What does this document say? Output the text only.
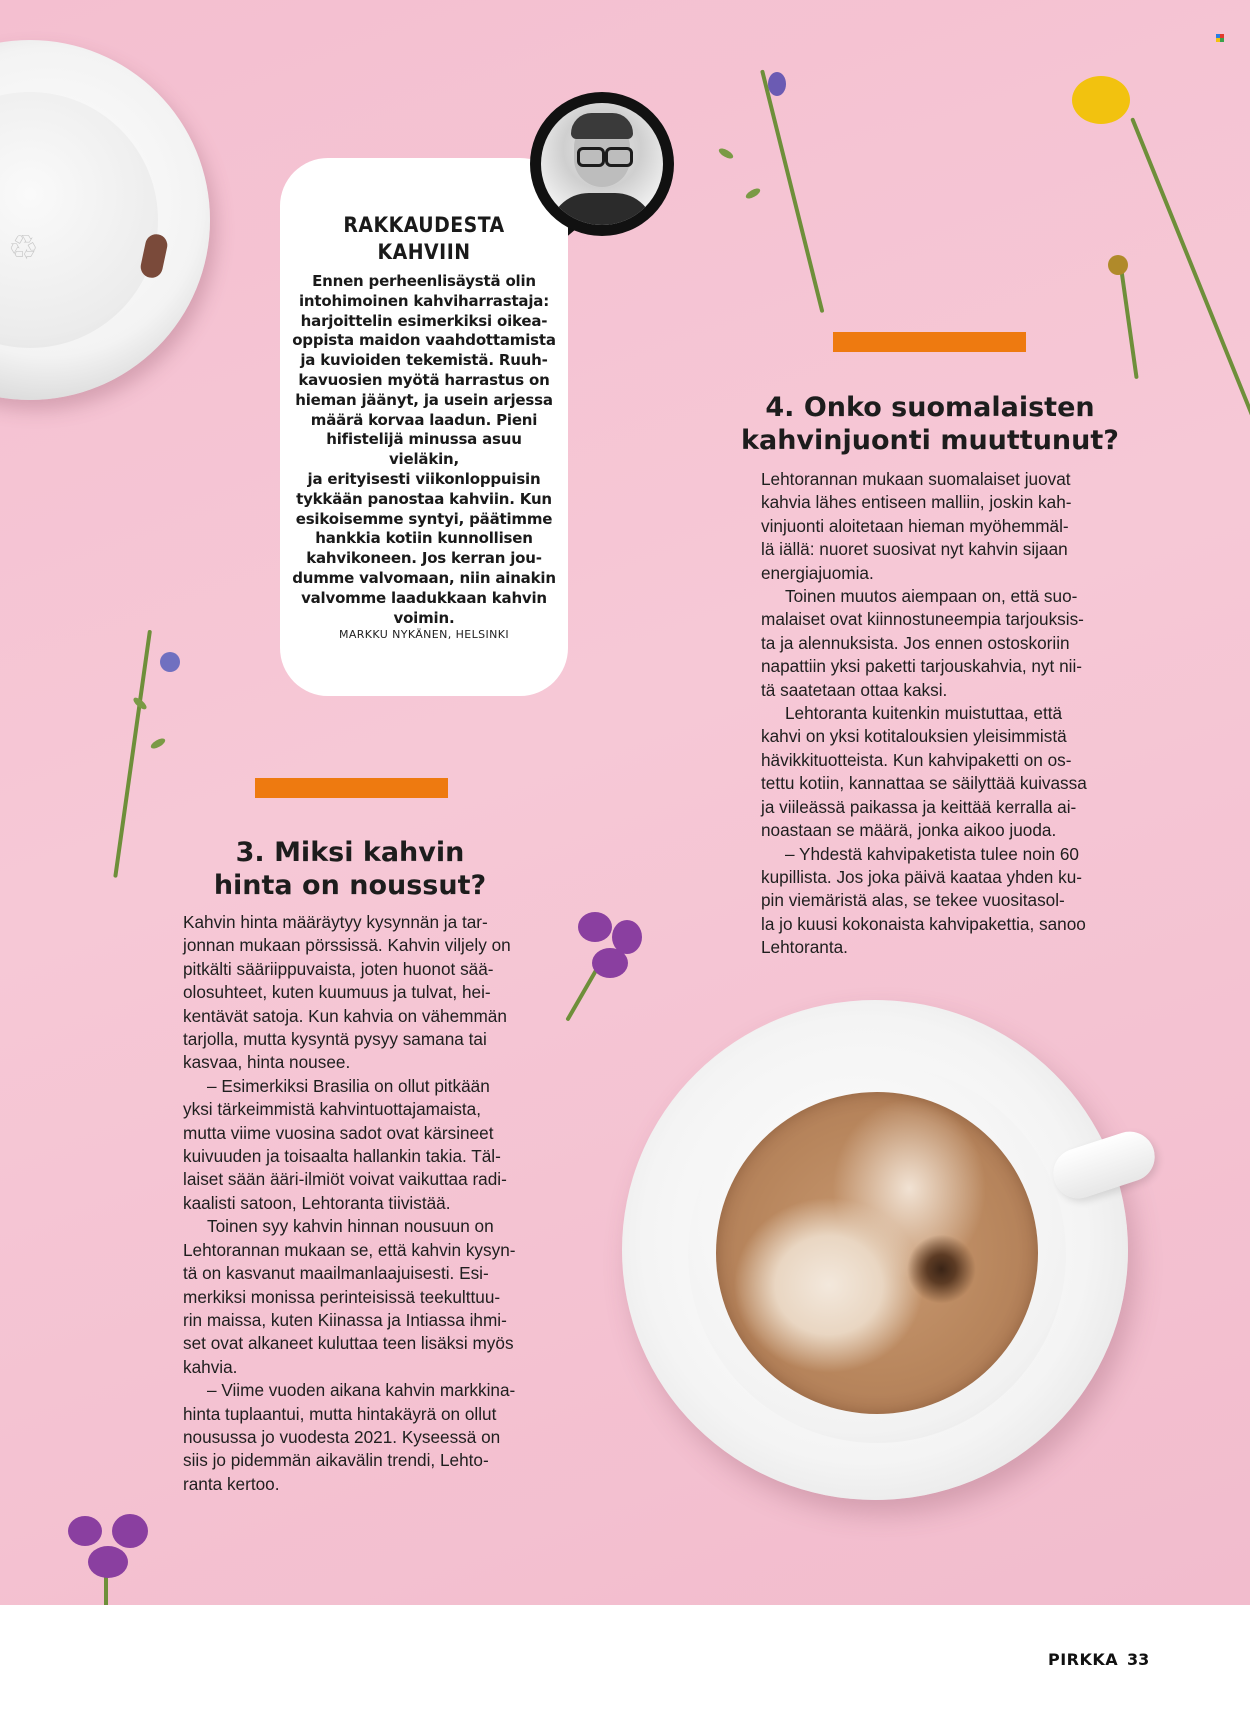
♲
RAKKAUDESTA
KAHVIIN
Ennen perheenlisäystä olin
intohimoinen kahviharrastaja:
harjoittelin esimerkiksi oikea-
oppista maidon vaahdottamista
ja kuvioiden tekemistä. Ruuh-
kavuosien myötä harrastus on
hieman jäänyt, ja usein arjessa
määrä korvaa laadun. Pieni
hifistelijä minussa asuu vieläkin,
ja erityisesti viikonloppuisin
tykkään panostaa kahviin. Kun
esikoisemme syntyi, päätimme
hankkia kotiin kunnollisen
kahvikoneen. Jos kerran jou-
dumme valvomaan, niin ainakin
valvomme laadukkaan kahvin
voimin.
MARKKU NYKÄNEN, HELSINKI
4. Onko suomalaisten
kahvinjuonti muuttunut?

Lehtorannan mukaan suomalaiset juovat
kahvia lähes entiseen malliin, joskin kah-
vinjuonti aloitetaan hieman myöhemmäl-
lä iällä: nuoret suosivat nyt kahvin sijaan
energiajuomia.

Toinen muutos aiempaan on, että suo-
malaiset ovat kiinnostuneempia tarjouksis-
ta ja alennuksista. Jos ennen ostoskoriin
napattiin yksi paketti tarjouskahvia, nyt nii-
tä saatetaan ottaa kaksi.

Lehtoranta kuitenkin muistuttaa, että
kahvi on yksi kotitalouksien yleisimmistä
hävikkituotteista. Kun kahvipaketti on os-
tettu kotiin, kannattaa se säilyttää kuivassa
ja viileässä paikassa ja keittää kerralla ai-
noastaan se määrä, jonka aikoo juoda.

– Yhdestä kahvipaketista tulee noin 60
kupillista. Jos joka päivä kaataa yhden ku-
pin viemäristä alas, se tekee vuositasol-
la jo kuusi kokonaista kahvipakettia, sanoo
Lehtoranta.

3. Miksi kahvin
hinta on noussut?

Kahvin hinta määräytyy kysynnän ja tar-
jonnan mukaan pörssissä. Kahvin viljely on
pitkälti sääriippuvaista, joten huonot sää-
olosuhteet, kuten kuumuus ja tulvat, hei-
kentävät satoja. Kun kahvia on vähemmän
tarjolla, mutta kysyntä pysyy samana tai
kasvaa, hinta nousee.

– Esimerkiksi Brasilia on ollut pitkään
yksi tärkeimmistä kahvintuottajamaista,
mutta viime vuosina sadot ovat kärsineet
kuivuuden ja toisaalta hallankin takia. Täl-
laiset sään ääri-ilmiöt voivat vaikuttaa radi-
kaalisti satoon, Lehtoranta tiivistää.

Toinen syy kahvin hinnan nousuun on
Lehtorannan mukaan se, että kahvin kysyn-
tä on kasvanut maailmanlaajuisesti. Esi-
merkiksi monissa perinteisissä teekulttuu-
rin maissa, kuten Kiinassa ja Intiassa ihmi-
set ovat alkaneet kuluttaa teen lisäksi myös
kahvia.

– Viime vuoden aikana kahvin markkina-
hinta tuplaantui, mutta hintakäyrä on ollut
nousussa jo vuodesta 2021. Kyseessä on
siis jo pidemmän aikavälin trendi, Lehto-
ranta kertoo.

PIRKKA 33
